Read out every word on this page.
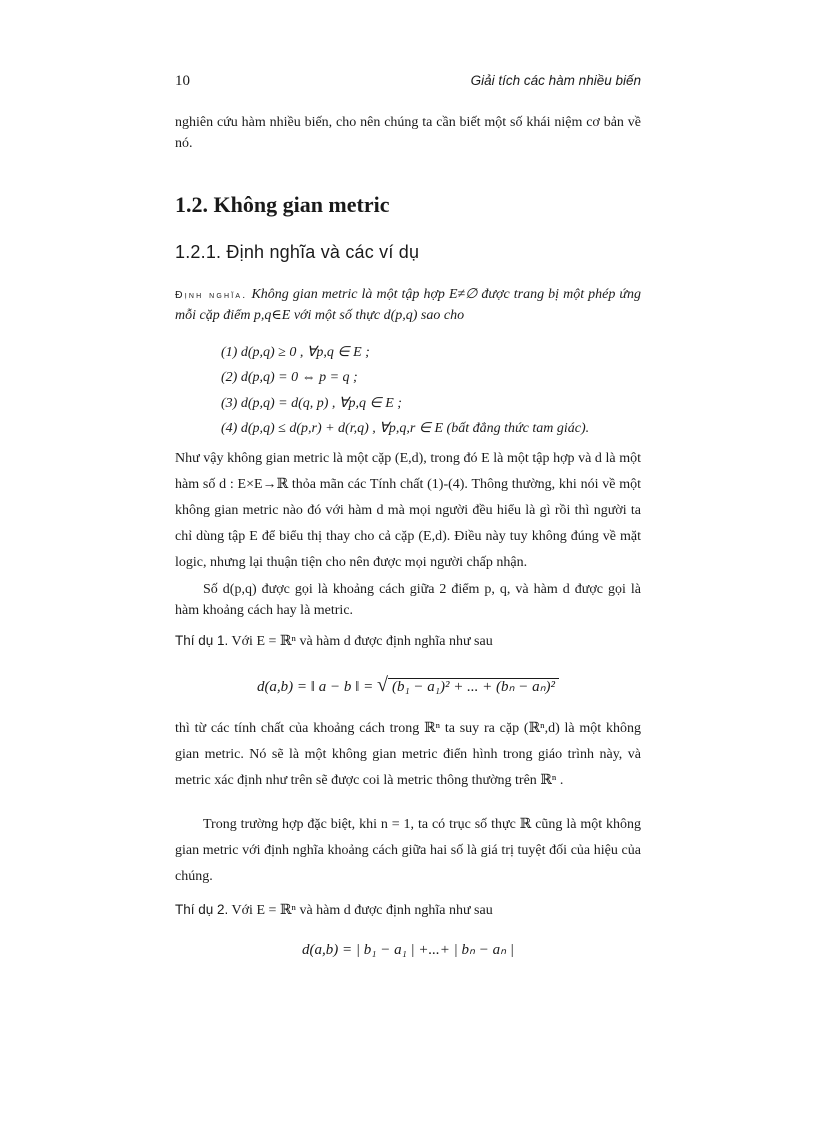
10	Giải tích các hàm nhiều biến

nghiên cứu hàm nhiều biến, cho nên chúng ta cần biết một số khái niệm cơ bản về nó.

1.2. Không gian metric
1.2.1. Định nghĩa và các ví dụ

Định nghĩa. Không gian metric là một tập hợp E≠∅ được trang bị một phép ứng mỗi cặp điểm p,q∈E với một số thực d(p,q) sao cho

(1) d(p,q) ≥ 0 , ∀p,q ∈ E ;
(2) d(p,q) = 0 ⇔ p = q ;
(3) d(p,q) = d(q, p) , ∀p,q ∈ E ;
(4) d(p,q) ≤ d(p,r) + d(r,q) , ∀p,q,r ∈ E (bất đẳng thức tam giác).

Như vậy không gian metric là một cặp (E,d), trong đó E là một tập hợp và d là một hàm số d : E×E→ℝ thỏa mãn các Tính chất (1)-(4). Thông thường, khi nói về một không gian metric nào đó với hàm d mà mọi người đều hiểu là gì rồi thì người ta chỉ dùng tập E để biểu thị thay cho cả cặp (E,d). Điều này tuy không đúng về mặt logic, nhưng lại thuận tiện cho nên được mọi người chấp nhận.

Số d(p,q) được gọi là khoảng cách giữa 2 điểm p, q, và hàm d được gọi là hàm khoảng cách hay là metric.

Thí dụ 1. Với E = ℝⁿ và hàm d được định nghĩa như sau

d(a,b) = ‖ a − b ‖ = √ (b₁ − a₁)² + ... + (bₙ − aₙ)²

thì từ các tính chất của khoảng cách trong ℝⁿ ta suy ra cặp (ℝⁿ,d) là một không gian metric. Nó sẽ là một không gian metric điển hình trong giáo trình này, và metric xác định như trên sẽ được coi là metric thông thường trên ℝⁿ .

Trong trường hợp đặc biệt, khi n = 1, ta có trục số thực ℝ cũng là một không gian metric với định nghĩa khoảng cách giữa hai số là giá trị tuyệt đối của hiệu của chúng.

Thí dụ 2. Với E = ℝⁿ và hàm d được định nghĩa như sau

d(a,b) = | b₁ − a₁ | +...+ | bₙ − aₙ |
